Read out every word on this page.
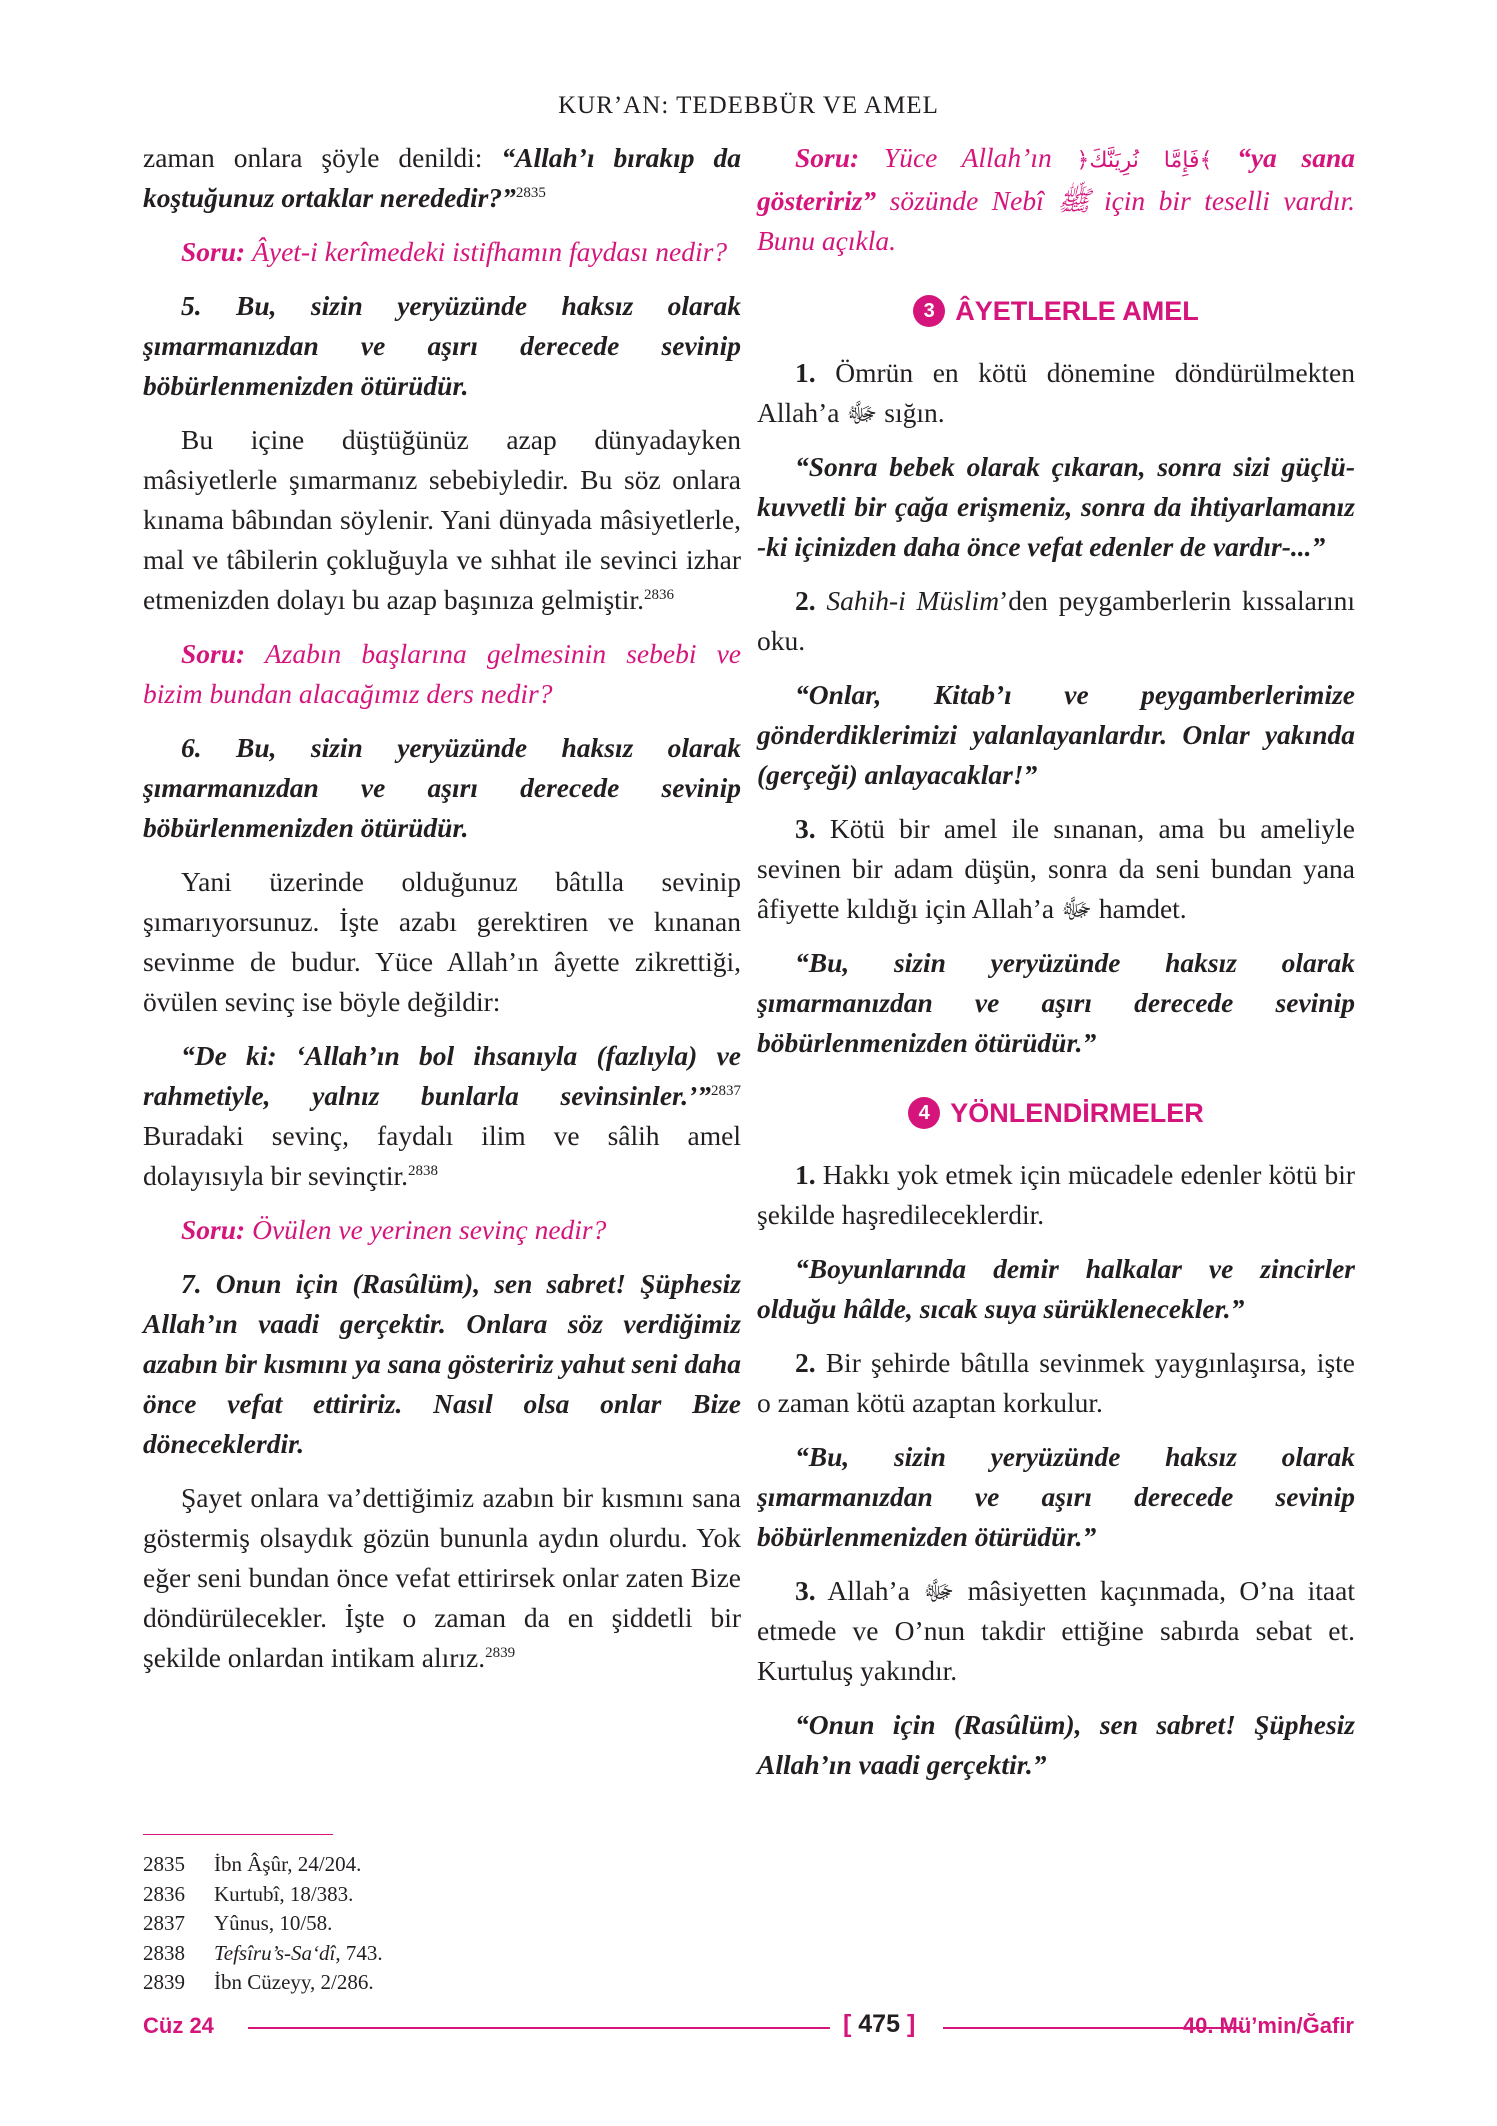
KUR’AN: TEDEBBÜR VE AMEL

zaman onlara şöyle denildi: “Allah’ı bırakıp da koştuğunuz ortaklar nerededir?”$^{2835}$

Soru: Âyet-i kerîmedeki istifhamın faydası nedir?

5. Bu, sizin yeryüzünde haksız olarak şımarmanızdan ve aşırı derecede sevinip böbürlenmenizden ötürüdür.

Bu içine düştüğünüz azap dünyadayken mâsiyetlerle şımarmanız sebebiyledir. Bu söz onlara kınama bâbından söylenir. Yani dünyada mâsiyetlerle, mal ve tâbilerin çokluğuyla ve sıhhat ile sevinci izhar etmenizden dolayı bu azap başınıza gelmiştir.$^{2836}$

Soru: Azabın başlarına gelmesinin sebebi ve bizim bundan alacağımız ders nedir?

6. Bu, sizin yeryüzünde haksız olarak şımarmanızdan ve aşırı derecede sevinip böbürlenmenizden ötürüdür.

Yani üzerinde olduğunuz bâtılla sevinip şımarıyorsunuz. İşte azabı gerektiren ve kınanan sevinme de budur. Yüce Allah’ın âyette zikrettiği, övülen sevinç ise böyle değildir:

“De ki: ‘Allah’ın bol ihsanıyla (fazlıyla) ve rahmetiyle, yalnız bunlarla sevinsinler.’”$^{2837}$ Buradaki sevinç, faydalı ilim ve sâlih amel dolayısıyla bir sevinçtir.$^{2838}$

Soru: Övülen ve yerinen sevinç nedir?

7. Onun için (Rasûlüm), sen sabret! Şüphesiz Allah’ın vaadi gerçektir. Onlara söz verdiğimiz azabın bir kısmını ya sana gösteririz yahut seni daha önce vefat ettiririz. Nasıl olsa onlar Bize döneceklerdir.

Şayet onlara va’dettiğimiz azabın bir kısmını sana göstermiş olsaydık gözün bununla aydın olurdu. Yok eğer seni bundan önce vefat ettirirsek onlar zaten Bize döndürülecekler. İşte o zaman da en şiddetli bir şekilde onlardan intikam alırız.$^{2839}$

Soru: Yüce Allah’ın ﴿فَإِمَّا نُرِيَنَّكَ﴾ “ya sana gösteririz” sözünde Nebî ﷺ için bir teselli vardır. Bunu açıkla.

3 ÂYETLERLE AMEL

1. Ömrün en kötü dönemine döndürülmekten Allah’a ﷻ sığın.

“Sonra bebek olarak çıkaran, sonra sizi güçlü-kuvvetli bir çağa erişmeniz, sonra da ihtiyarlamanız -ki içinizden daha önce vefat edenler de vardır-...”

2. Sahih-i Müslim’den peygamberlerin kıssalarını oku.

“Onlar, Kitab’ı ve peygamberlerimize gönderdiklerimizi yalanlayanlardır. Onlar yakında (gerçeği) anlayacaklar!”

3. Kötü bir amel ile sınanan, ama bu ameliyle sevinen bir adam düşün, sonra da seni bundan yana âfiyette kıldığı için Allah’a ﷻ hamdet.

“Bu, sizin yeryüzünde haksız olarak şımarmanızdan ve aşırı derecede sevinip böbürlenmenizden ötürüdür.”

4 YÖNLENDİRMELER

1. Hakkı yok etmek için mücadele edenler kötü bir şekilde haşredileceklerdir.

“Boyunlarında demir halkalar ve zincirler olduğu hâlde, sıcak suya sürüklenecekler.”

2. Bir şehirde bâtılla sevinmek yaygınlaşırsa, işte o zaman kötü azaptan korkulur.

“Bu, sizin yeryüzünde haksız olarak şımarmanızdan ve aşırı derecede sevinip böbürlenmenizden ötürüdür.”

3. Allah’a ﷻ mâsiyetten kaçınmada, O’na itaat etmede ve O’nun takdir ettiğine sabırda sebat et. Kurtuluş yakındır.

“Onun için (Rasûlüm), sen sabret! Şüphesiz Allah’ın vaadi gerçektir.”

2835	İbn Âşûr, 24/204.
2836	Kurtubî, 18/383.
2837	Yûnus, 10/58.
2838	Tefsîru’s-Sa‘dî, 743.
2839	İbn Cüzeyy, 2/286.
Cüz 24	[ 475 ]	40. Mü’min/Ğafir
